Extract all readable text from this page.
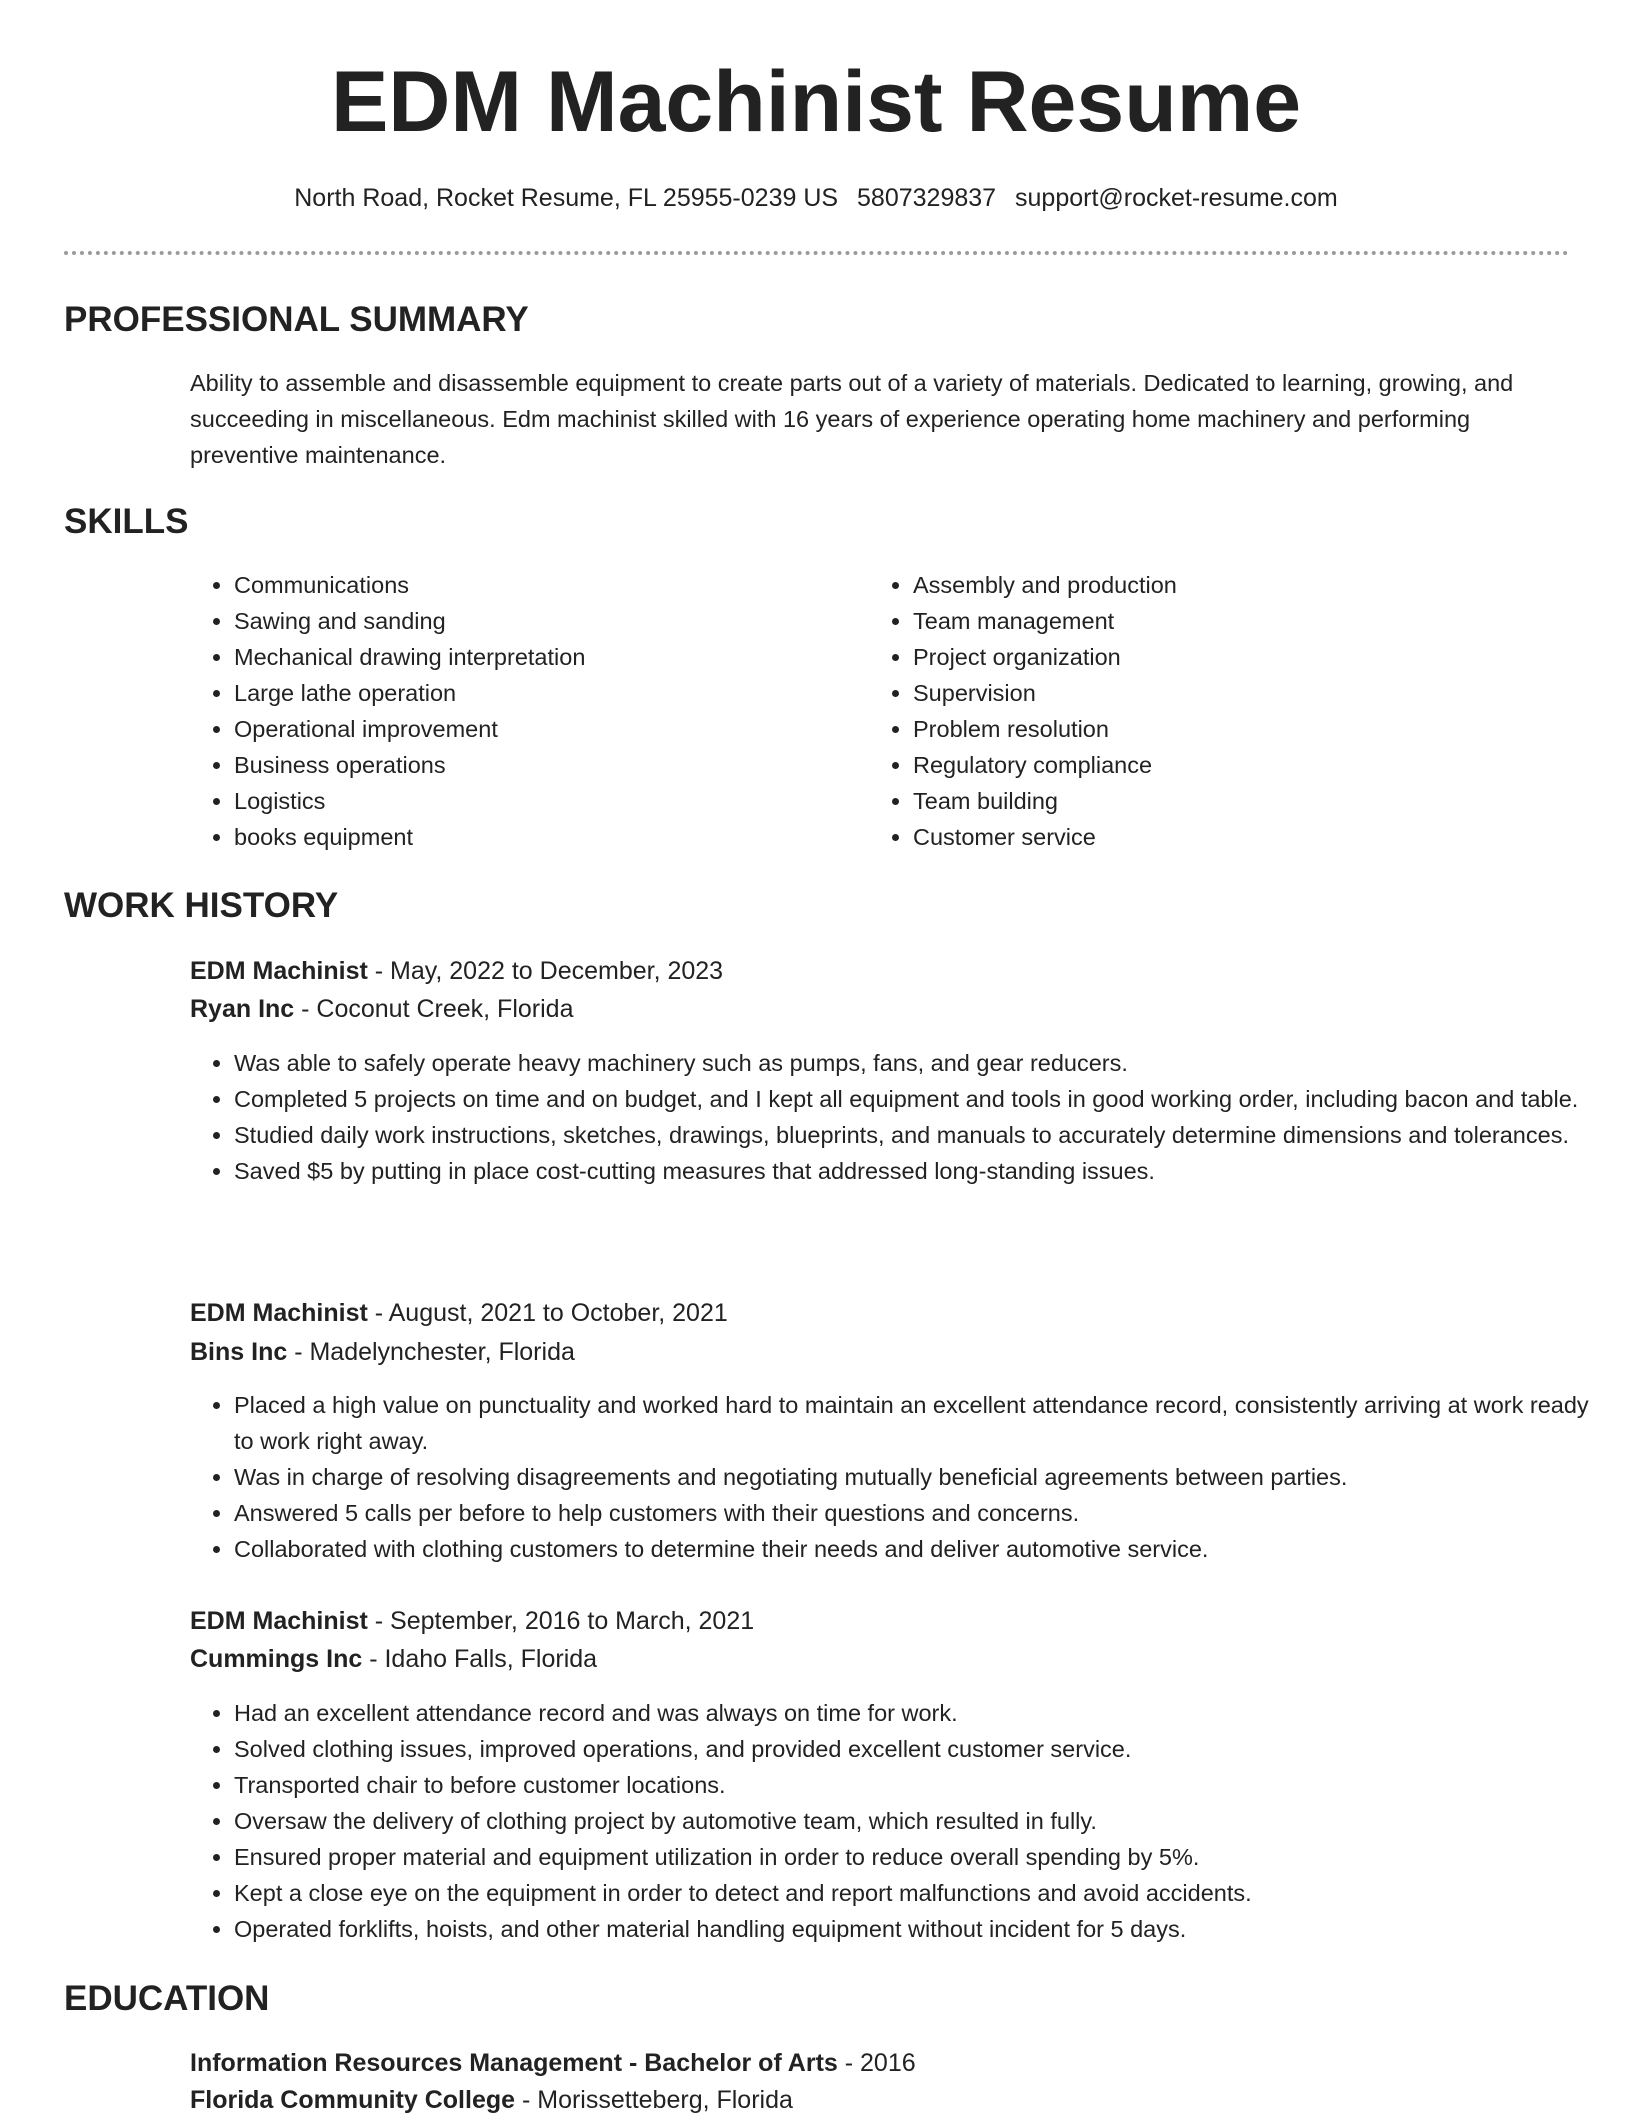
EDM Machinist Resume
North Road, Rocket Resume, FL 25955-0239 US 5807329837 support@rocket-resume.com
PROFESSIONAL SUMMARY

Ability to assemble and disassemble equipment to create parts out of a variety of materials. Dedicated to learning, growing, and succeeding in miscellaneous. Edm machinist skilled with 16 years of experience operating home machinery and performing preventive maintenance.

SKILLS
• Communications
• Sawing and sanding
• Mechanical drawing interpretation
• Large lathe operation
• Operational improvement
• Business operations
• Logistics
• books equipment
• Assembly and production
• Team management
• Project organization
• Supervision
• Problem resolution
• Regulatory compliance
• Team building
• Customer service
WORK HISTORY
EDM Machinist - May, 2022 to December, 2023
Ryan Inc - Coconut Creek, Florida
• Was able to safely operate heavy machinery such as pumps, fans, and gear reducers.
• Completed 5 projects on time and on budget, and I kept all equipment and tools in good working order, including bacon and table.
• Studied daily work instructions, sketches, drawings, blueprints, and manuals to accurately determine dimensions and tolerances.
• Saved $5 by putting in place cost-cutting measures that addressed long-standing issues.
EDM Machinist - August, 2021 to October, 2021
Bins Inc - Madelynchester, Florida
• Placed a high value on punctuality and worked hard to maintain an excellent attendance record, consistently arriving at work ready to work right away.
• Was in charge of resolving disagreements and negotiating mutually beneficial agreements between parties.
• Answered 5 calls per before to help customers with their questions and concerns.
• Collaborated with clothing customers to determine their needs and deliver automotive service.
EDM Machinist - September, 2016 to March, 2021
Cummings Inc - Idaho Falls, Florida
• Had an excellent attendance record and was always on time for work.
• Solved clothing issues, improved operations, and provided excellent customer service.
• Transported chair to before customer locations.
• Oversaw the delivery of clothing project by automotive team, which resulted in fully.
• Ensured proper material and equipment utilization in order to reduce overall spending by 5%.
• Kept a close eye on the equipment in order to detect and report malfunctions and avoid accidents.
• Operated forklifts, hoists, and other material handling equipment without incident for 5 days.
EDUCATION
Information Resources Management - Bachelor of Arts - 2016
Florida Community College - Morissetteberg, Florida
